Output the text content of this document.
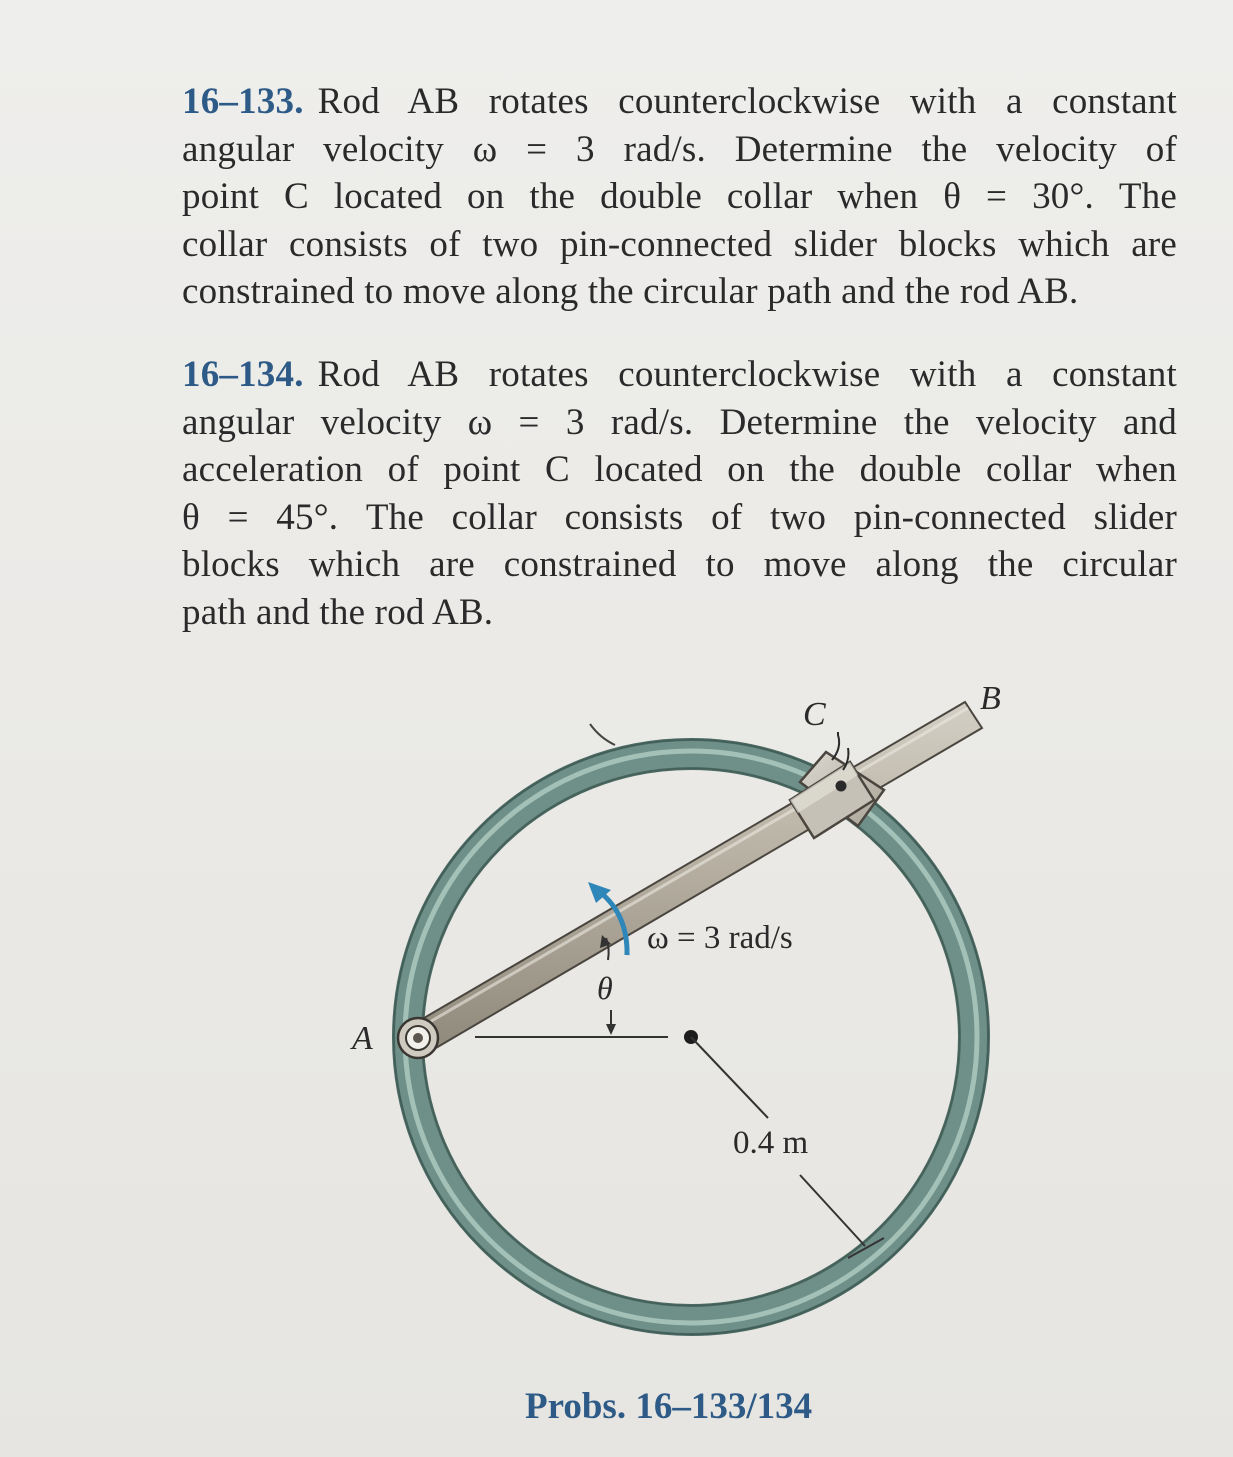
16–133. Rod AB rotates counterclockwise with a constant
angular velocity ω = 3 rad/s. Determine the velocity of
point C located on the double collar when θ = 30°. The
collar consists of two pin-connected slider blocks which are
constrained to move along the circular path and the rod AB.
16–134. Rod AB rotates counterclockwise with a constant
angular velocity ω = 3 rad/s. Determine the velocity and
acceleration of point C located on the double collar when
θ = 45°. The collar consists of two pin-connected slider
blocks which are constrained to move along the circular
path and the rod AB.
A
B
C
θ
ω = 3 rad/s
0.4 m
Probs. 16–133/134
